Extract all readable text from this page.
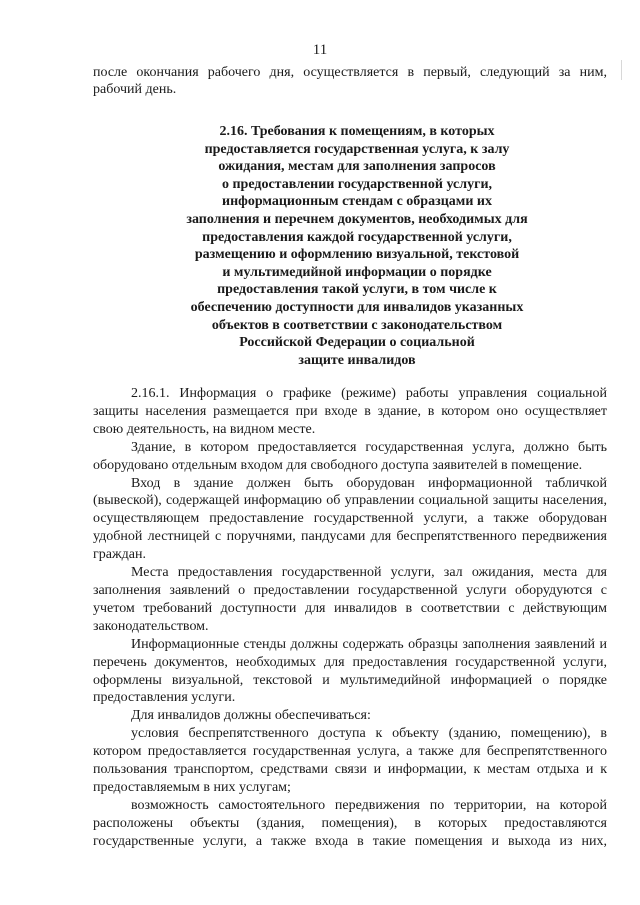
11
после окончания рабочего дня, осуществляется в первый, следующий за ним, рабочий день.
2.16. Требования к помещениям, в которых
предоставляется государственная услуга, к залу
ожидания, местам для заполнения запросов
о предоставлении государственной услуги,
информационным стендам с образцами их
заполнения и перечнем документов, необходимых для
предоставления каждой государственной услуги,
размещению и оформлению визуальной, текстовой
и мультимедийной информации о порядке
предоставления такой услуги, в том числе к
обеспечению доступности для инвалидов указанных
объектов в соответствии с законодательством
Российской Федерации о социальной
защите инвалидов

2.16.1. Информация о графике (режиме) работы управления социальной защиты населения размещается при входе в здание, в котором оно осуществляет свою деятельность, на видном месте.

Здание, в котором предоставляется государственная услуга, должно быть оборудовано отдельным входом для свободного доступа заявителей в помещение.

Вход в здание должен быть оборудован информационной табличкой (вывеской), содержащей информацию об управлении социальной защиты населения, осуществляющем предоставление государственной услуги, а также оборудован удобной лестницей с поручнями, пандусами для беспрепятственного передвижения граждан.

Места предоставления государственной услуги, зал ожидания, места для заполнения заявлений о предоставлении государственной услуги оборудуются с учетом требований доступности для инвалидов в соответствии с действующим законодательством.

Информационные стенды должны содержать образцы заполнения заявлений и перечень документов, необходимых для предоставления государственной услуги, оформлены визуальной, текстовой и мультимедийной информацией о порядке предоставления услуги.

Для инвалидов должны обеспечиваться:

условия беспрепятственного доступа к объекту (зданию, помещению), в котором предоставляется государственная услуга, а также для беспрепятственного пользования транспортом, средствами связи и информации, к местам отдыха и к предоставляемым в них услугам;

возможность самостоятельного передвижения по территории, на которой расположены объекты (здания, помещения), в которых предоставляются государственные услуги, а также входа в такие помещения и выхода из них,
